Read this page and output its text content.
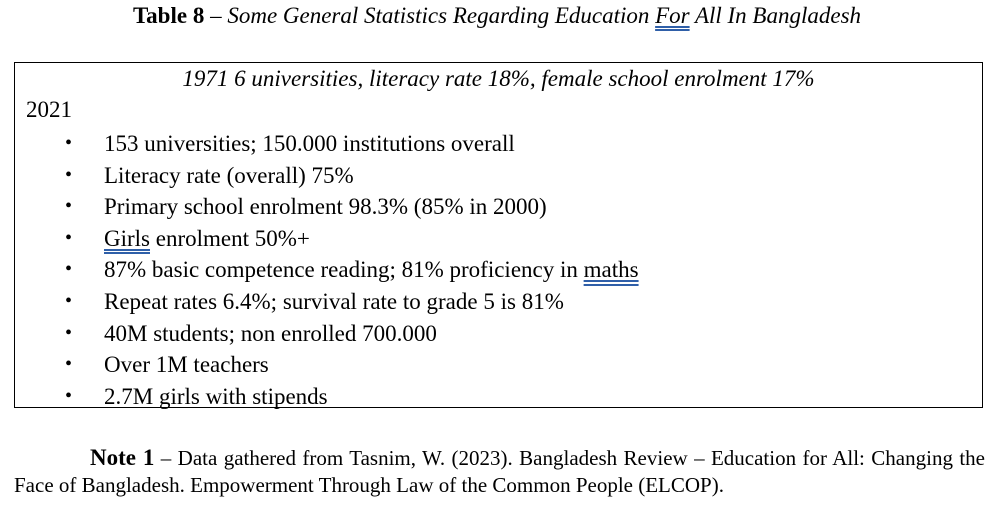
Table 8 – Some General Statistics Regarding Education For All In Bangladesh
1971 6 universities, literacy rate 18%, female school enrolment 17%
2021
• 153 universities; 150.000 institutions overall
• Literacy rate (overall) 75%
• Primary school enrolment 98.3% (85% in 2000)
• Girls enrolment 50%+
• 87% basic competence reading; 81% proficiency in maths
• Repeat rates 6.4%; survival rate to grade 5 is 81%
• 40M students; non enrolled 700.000
• Over 1M teachers
• 2.7M girls with stipends
Note 1 – Data gathered from Tasnim, W. (2023). Bangladesh Review – Education for All: Changing the Face of Bangladesh. Empowerment Through Law of the Common People (ELCOP).
